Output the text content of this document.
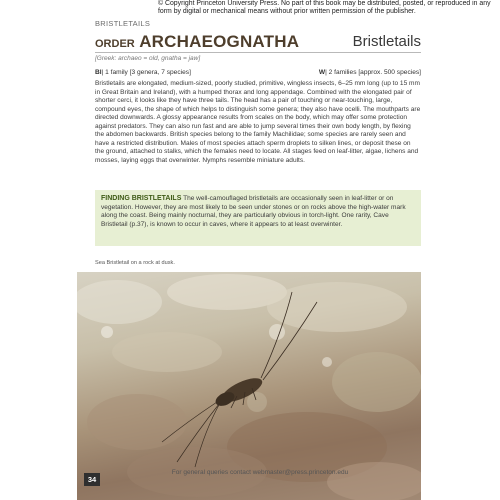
© Copyright Princeton University Press. No part of this book may be distributed, posted, or reproduced in any form by digital or mechanical means without prior written permission of the publisher.
BRISTLETAILS
ORDER ARCHAEOGNATHA	Bristletails
[Greek: archaeo = old, gnatha = jaw]
BI| 1 family [3 genera, 7 species]	W| 2 families [approx. 500 species]
Bristletails are elongated, medium-sized, poorly studied, primitive, wingless insects, 6–25 mm long (up to 15 mm in Great Britain and Ireland), with a humped thorax and long appendage. Combined with the elongated pair of shorter cerci, it looks like they have three tails. The head has a pair of touching or near-touching, large, compound eyes, the shape of which helps to distinguish some genera; they also have ocelli. The mouthparts are directed downwards. A glossy appearance results from scales on the body, which may offer some protection against predators. They can also run fast and are able to jump several times their own body length, by flexing the abdomen backwards. British species belong to the family Machilidae; some species are rarely seen and have a restricted distribution. Males of most species attach sperm droplets to silken lines, or deposit these on the ground, attached to stalks, which the females need to locate. All stages feed on leaf-litter, algae, lichens and mosses, laying eggs that overwinter. Nymphs resemble miniature adults.
FINDING BRISTLETAILS The well-camouflaged bristletails are occasionally seen in leaf-litter or on vegetation. However, they are most likely to be seen under stones or on rocks above the high-water mark along the coast. Being mainly nocturnal, they are particularly obvious in torch-light. One rarity, Cave Bristletail (p.37), is known to occur in caves, where it appears to at least overwinter.
Sea Bristletail on a rock at dusk.
34
For general queries contact webmaster@press.princeton.edu
